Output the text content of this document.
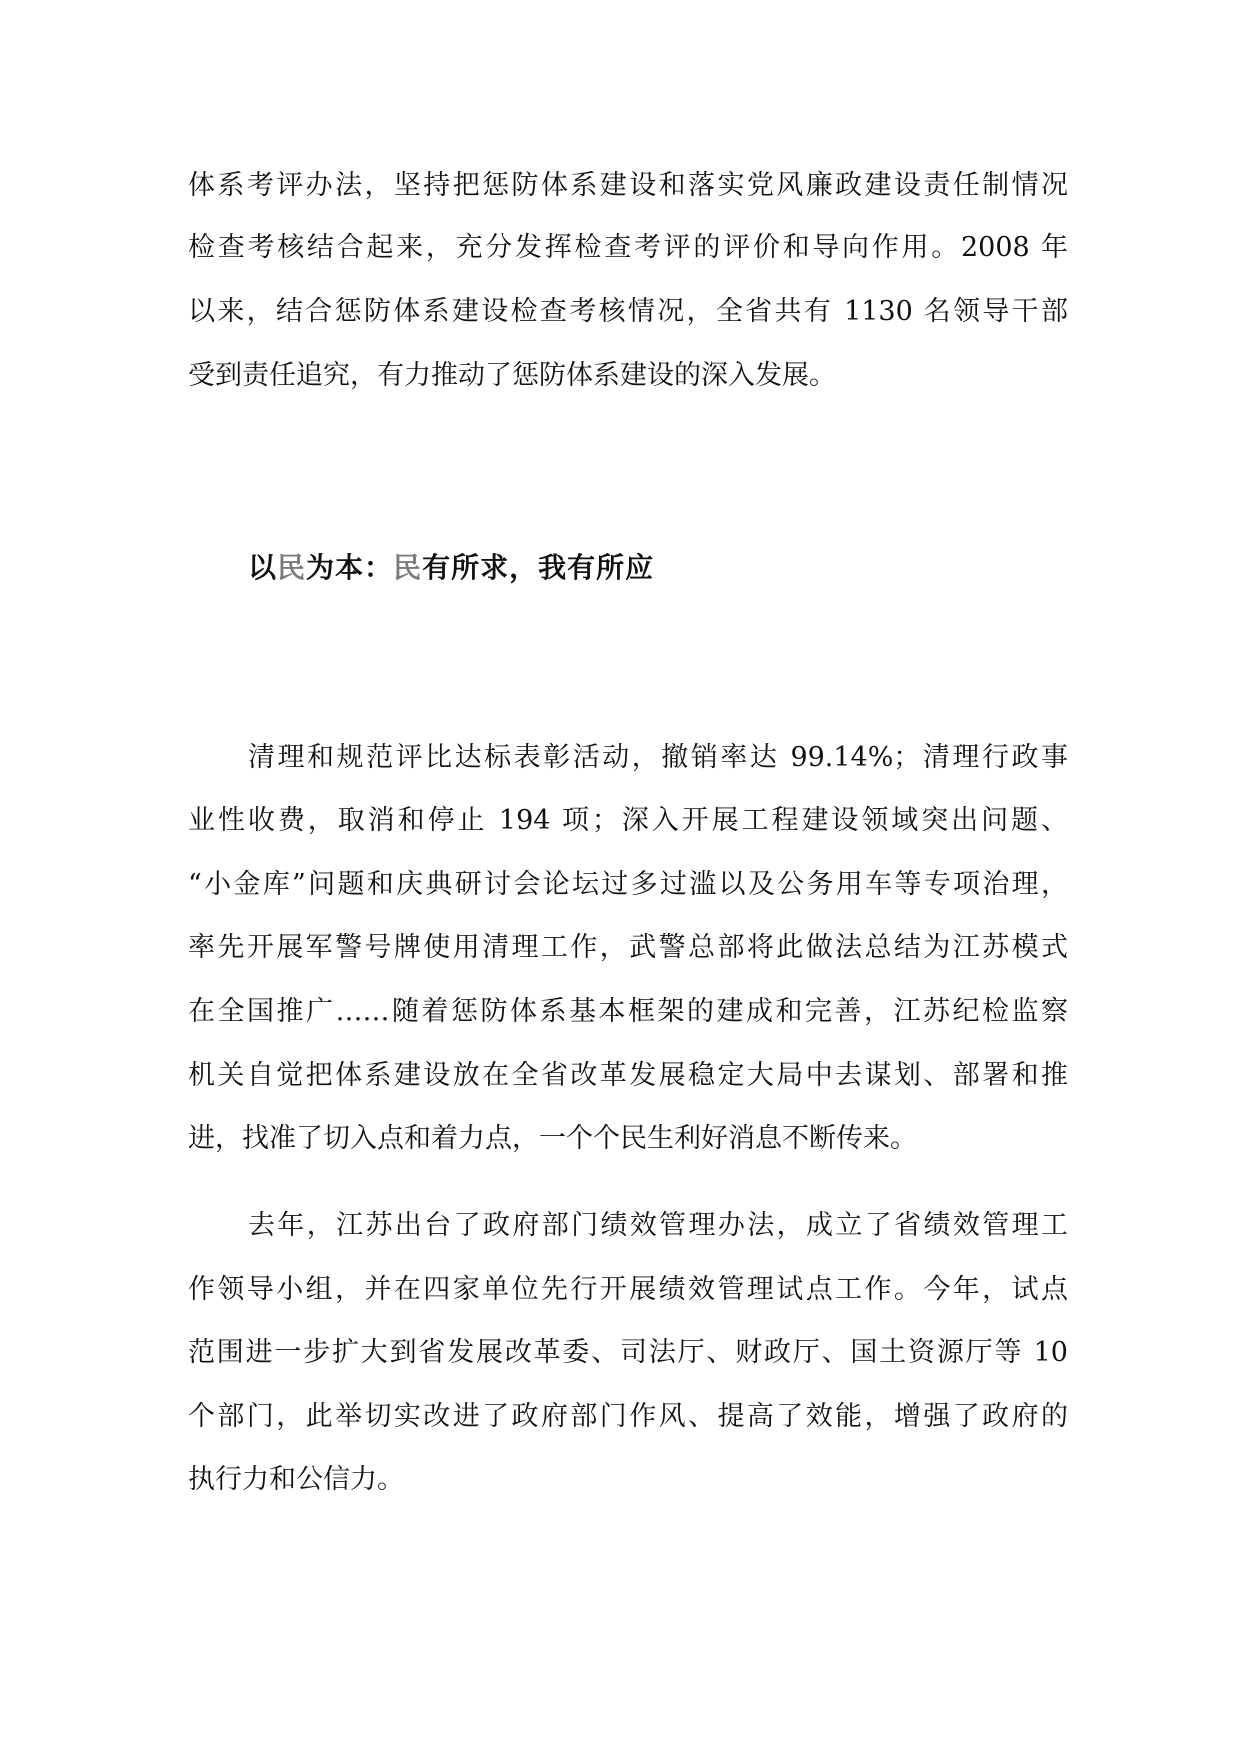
体系考评办法，坚持把惩防体系建设和落实党风廉政建设责任制情况
检查考核结合起来，充分发挥检查考评的评价和导向作用。2008 年
以来，结合惩防体系建设检查考核情况，全省共有 1130 名领导干部
受到责任追究，有力推动了惩防体系建设的深入发展。
以民为本：民有所求，我有所应
清理和规范评比达标表彰活动，撤销率达 99.14%；清理行政事
业性收费，取消和停止 194 项；深入开展工程建设领域突出问题、
“小金库”问题和庆典研讨会论坛过多过滥以及公务用车等专项治理，
率先开展军警号牌使用清理工作，武警总部将此做法总结为江苏模式
在全国推广……随着惩防体系基本框架的建成和完善，江苏纪检监察
机关自觉把体系建设放在全省改革发展稳定大局中去谋划、部署和推
进，找准了切入点和着力点，一个个民生利好消息不断传来。
去年，江苏出台了政府部门绩效管理办法，成立了省绩效管理工
作领导小组，并在四家单位先行开展绩效管理试点工作。今年，试点
范围进一步扩大到省发展改革委、司法厅、财政厅、国土资源厅等 10
个部门，此举切实改进了政府部门作风、提高了效能，增强了政府的
执行力和公信力。
